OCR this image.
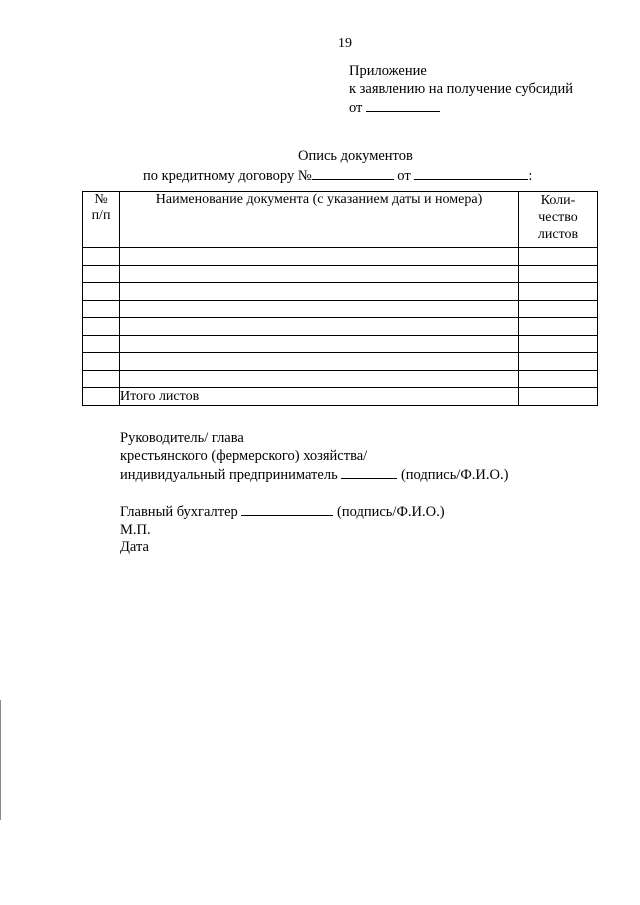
19
Приложение
к заявлению на получение субсидий
от
Опись документов
по кредитному договору №	от	:
№
п/п	Наименование документа (с указанием даты и номера)	Коли-
чество
листов

	Итого листов	
Руководитель/ глава
крестьянского (фермерского) хозяйства/
индивидуальный предприниматель	(подпись/Ф.И.О.)
Главный бухгалтер	(подпись/Ф.И.О.)
М.П.
Дата
